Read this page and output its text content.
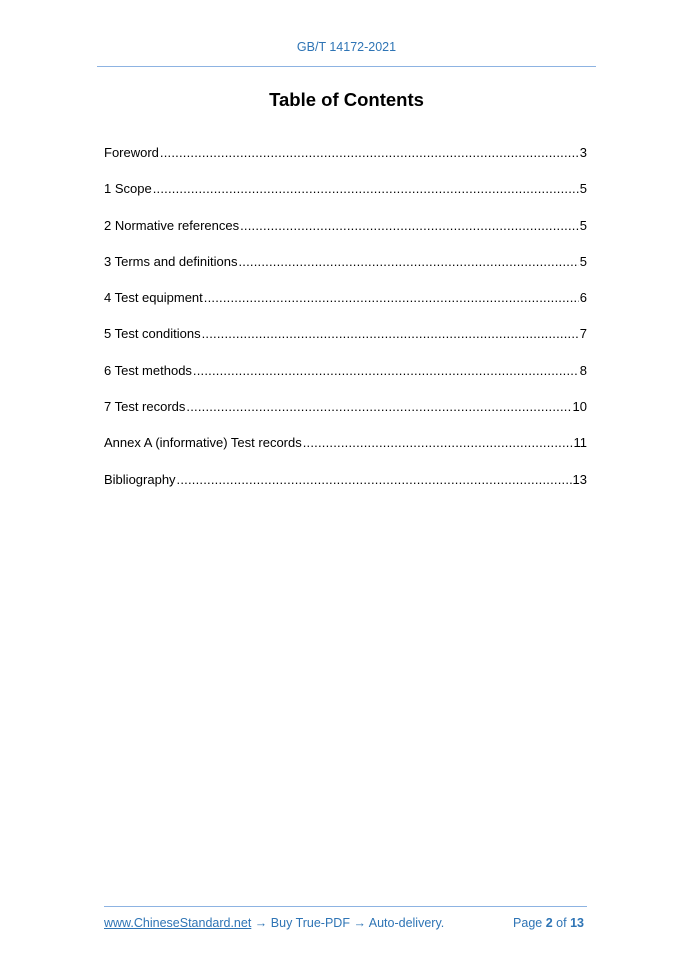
GB/T 14172-2021
Table of Contents
Foreword .....	3
1 Scope .....	5
2 Normative references .....	5
3 Terms and definitions .....	5
4 Test equipment .....	6
5 Test conditions .....	7
6 Test methods .....	8
7 Test records .....	10
Annex A (informative) Test records .....	11
Bibliography .....	13
www.ChineseStandard.net → Buy True-PDF → Auto-delivery.	Page 2 of 13
